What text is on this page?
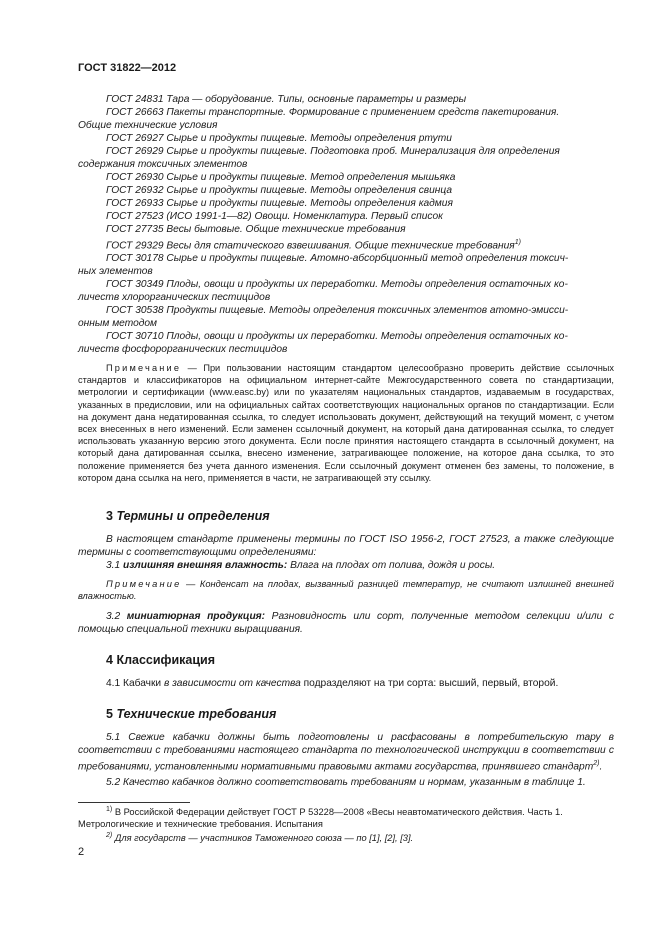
ГОСТ 31822—2012

ГОСТ 24831 Тара — оборудование. Типы, основные параметры и размеры

ГОСТ 26663 Пакеты транспортные. Формирование с применением средств пакетирования.

Общие технические условия

ГОСТ 26927 Сырье и продукты пищевые. Методы определения ртути

ГОСТ 26929 Сырье и продукты пищевые. Подготовка проб. Минерализация для определения

содержания токсичных элементов

ГОСТ 26930 Сырье и продукты пищевые. Метод определения мышьяка

ГОСТ 26932 Сырье и продукты пищевые. Методы определения свинца

ГОСТ 26933 Сырье и продукты пищевые. Методы определения кадмия

ГОСТ 27523 (ИСО 1991-1—82) Овощи. Номенклатура. Первый список

ГОСТ 27735 Весы бытовые. Общие технические требования

ГОСТ 29329 Весы для статического взвешивания. Общие технические требования$^{1)}$

ГОСТ 30178 Сырье и продукты пищевые. Атомно-абсорбционный метод определения токсич-

ных элементов

ГОСТ 30349 Плоды, овощи и продукты их переработки. Методы определения остаточных ко-

личеств хлорорганических пестицидов

ГОСТ 30538 Продукты пищевые. Методы определения токсичных элементов атомно-эмисси-

онным методом

ГОСТ 30710 Плоды, овощи и продукты их переработки. Методы определения остаточных ко-

личеств фосфорорганических пестицидов

Примечание — При пользовании настоящим стандартом целесообразно проверить действие ссылочных стандартов и классификаторов на официальном интернет-сайте Межгосударственного совета по стандартизации, метрологии и сертификации (www.easc.by) или по указателям национальных стандартов, издаваемым в государствах, указанных в предисловии, или на официальных сайтах соответствующих национальных органов по стандартизации. Если на документ дана недатированная ссылка, то следует использовать документ, действующий на текущий момент, с учетом всех внесенных в него изменений. Если заменен ссылочный документ, на который дана датированная ссылка, то следует использовать указанную версию этого документа. Если после принятия настоящего стандарта в ссылочный документ, на который дана датированная ссылка, внесено изменение, затрагивающее положение, на которое дана ссылка, то это положение применяется без учета данного изменения. Если ссылочный документ отменен без замены, то положение, в котором дана ссылка на него, применяется в части, не затрагивающей эту ссылку.

3 Термины и определения

В настоящем стандарте применены термины по ГОСТ ISO 1956-2, ГОСТ 27523, а также следующие термины с соответствующими определениями:

3.1 излишняя внешняя влажность: Влага на плодах от полива, дождя и росы.

Примечание — Конденсат на плодах, вызванный разницей температур, не считают излишней внешней влажностью.

3.2 миниатюрная продукция: Разновидность или сорт, полученные методом селекции и/или с помощью специальной техники выращивания.

4 Классификация

4.1 Кабачки в зависимости от качества подразделяют на три сорта: высший, первый, второй.

5 Технические требования

5.1 Свежие кабачки должны быть подготовлены и расфасованы в потребительскую тару в соответствии с требованиями настоящего стандарта по технологической инструкции в соответствии с требованиями, установленными нормативными правовыми актами государства, принявшего стандарт$^{2)}$.

5.2 Качество кабачков должно соответствовать требованиям и нормам, указанным в таблице 1.

$^{1)}$ В Российской Федерации действует ГОСТ Р 53228—2008 «Весы неавтоматического действия. Часть 1. Метрологические и технические требования. Испытания

$^{2)}$ Для государств — участников Таможенного союза — по [1], [2], [3].

2
